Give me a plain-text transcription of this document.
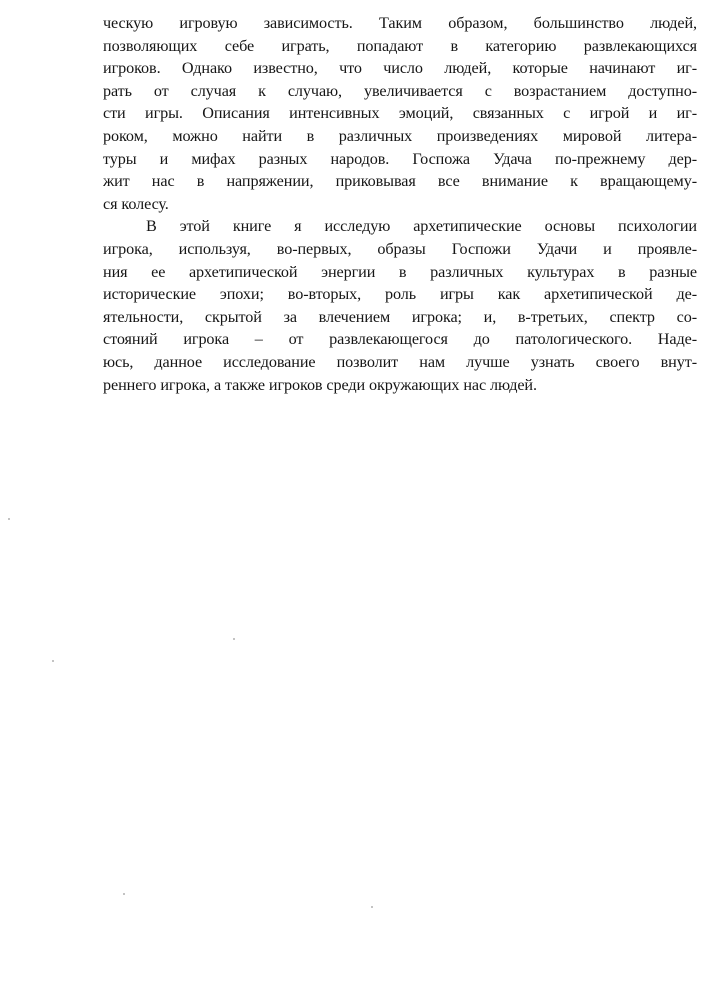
ческую игровую зависимость. Таким образом, большинство людей,
позволяющих себе играть, попадают в категорию развлекающихся
игроков. Однако известно, что число людей, которые начинают иг-
рать от случая к случаю, увеличивается с возрастанием доступно-
сти игры. Описания интенсивных эмоций, связанных с игрой и иг-
роком, можно найти в различных произведениях мировой литера-
туры и мифах разных народов. Госпожа Удача по-прежнему дер-
жит нас в напряжении, приковывая все внимание к вращающему-
ся колесу.
В этой книге я исследую архетипические основы психологии
игрока, используя, во-первых, образы Госпожи Удачи и проявле-
ния ее архетипической энергии в различных культурах в разные
исторические эпохи; во-вторых, роль игры как архетипической де-
ятельности, скрытой за влечением игрока; и, в-третьих, спектр со-
стояний игрока – от развлекающегося до патологического. Наде-
юсь, данное исследование позволит нам лучше узнать своего внут-
реннего игрока, а также игроков среди окружающих нас людей.
